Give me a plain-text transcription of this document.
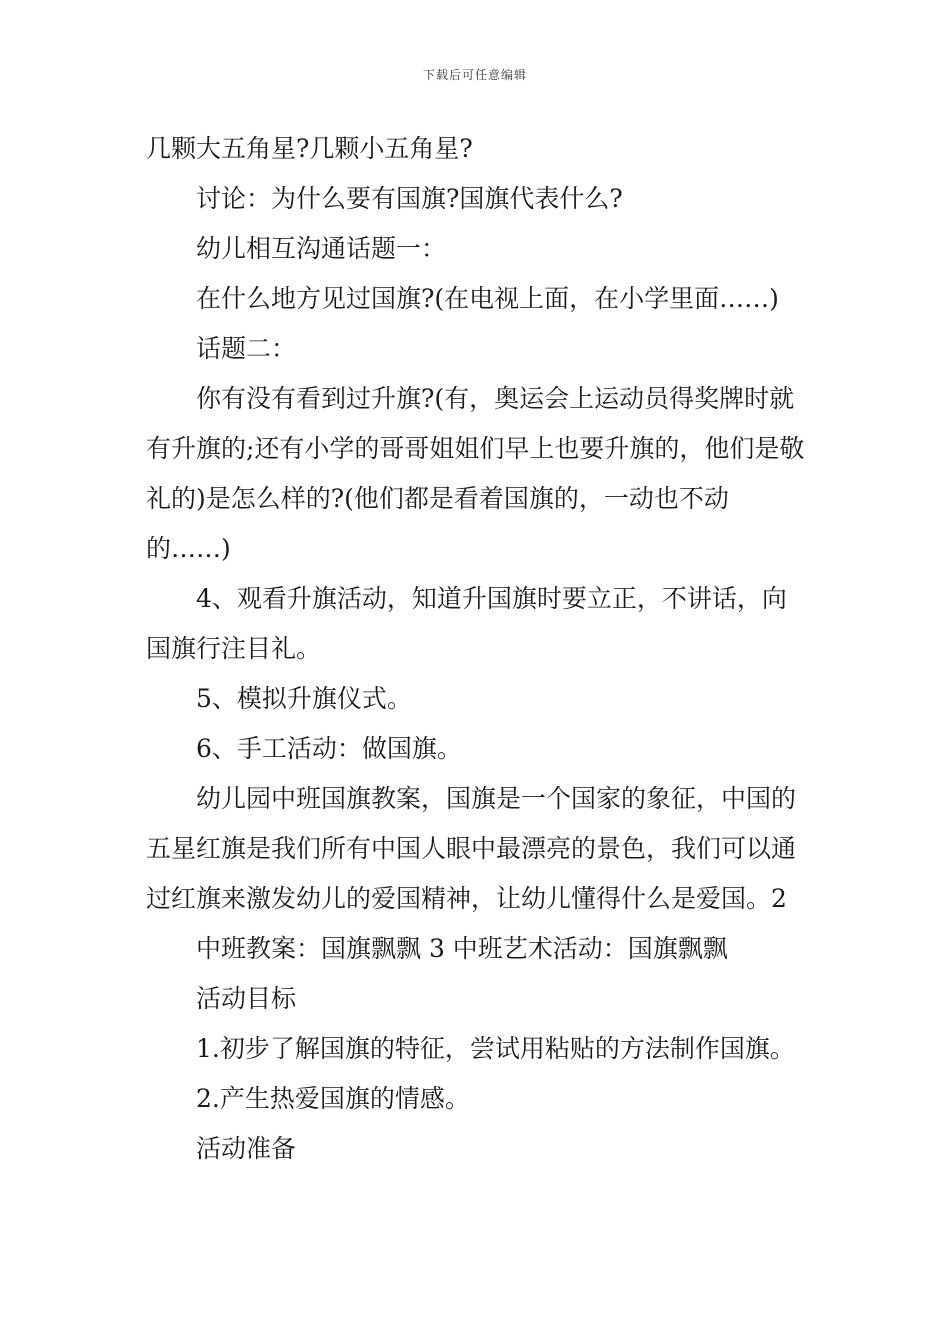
下载后可任意编辑

几颗大五角星?几颗小五角星?

讨论：为什么要有国旗?国旗代表什么?

幼儿相互沟通话题一：

在什么地方见过国旗?(在电视上面，在小学里面……)

话题二：

你有没有看到过升旗?(有，奥运会上运动员得奖牌时就有升旗的;还有小学的哥哥姐姐们早上也要升旗的，他们是敬礼的)是怎么样的?(他们都是看着国旗的，一动也不动的……)

4、观看升旗活动，知道升国旗时要立正，不讲话，向国旗行注目礼。

5、模拟升旗仪式。

6、手工活动：做国旗。

幼儿园中班国旗教案，国旗是一个国家的象征，中国的五星红旗是我们所有中国人眼中最漂亮的景色，我们可以通过红旗来激发幼儿的爱国精神，让幼儿懂得什么是爱国。2

中班教案：国旗飘飘 3 中班艺术活动：国旗飘飘

活动目标

1.初步了解国旗的特征，尝试用粘贴的方法制作国旗。

2.产生热爱国旗的情感。

活动准备
